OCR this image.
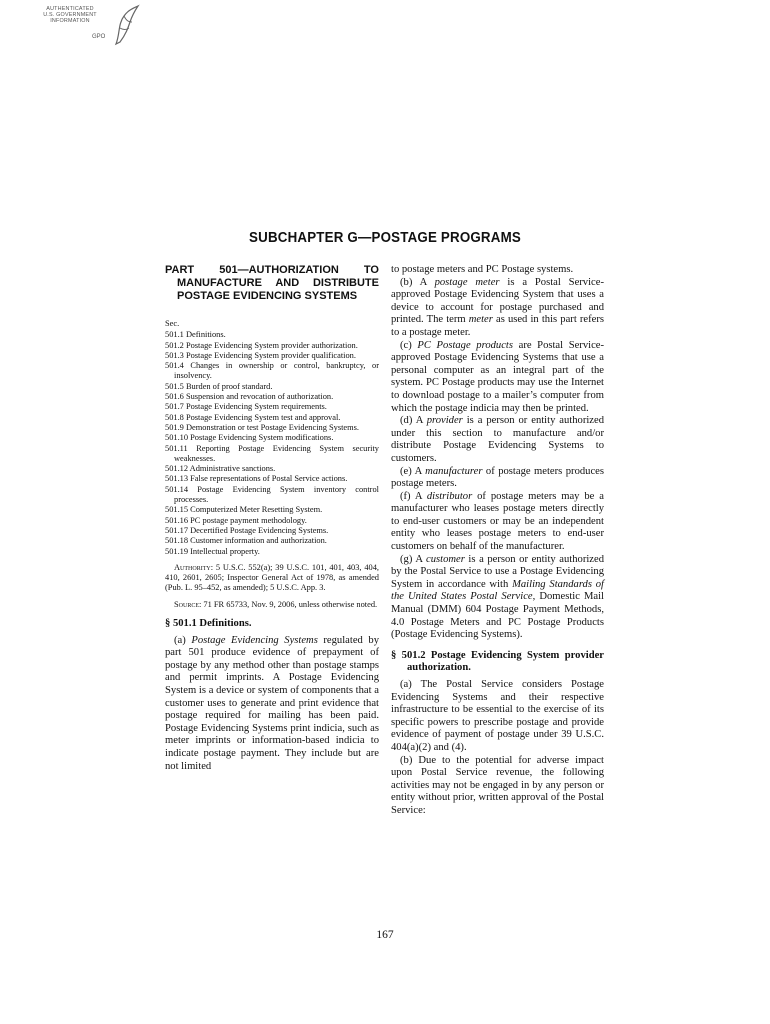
AUTHENTICATED
U.S. GOVERNMENT
INFORMATION
GPO
SUBCHAPTER G—POSTAGE PROGRAMS
PART 501—AUTHORIZATION TO MANUFACTURE AND DISTRIBUTE POSTAGE EVIDENCING SYSTEMS
Sec.
501.1 Definitions.
501.2 Postage Evidencing System provider authorization.
501.3 Postage Evidencing System provider qualification.
501.4 Changes in ownership or control, bankruptcy, or insolvency.
501.5 Burden of proof standard.
501.6 Suspension and revocation of authorization.
501.7 Postage Evidencing System requirements.
501.8 Postage Evidencing System test and approval.
501.9 Demonstration or test Postage Evidencing Systems.
501.10 Postage Evidencing System modifications.
501.11 Reporting Postage Evidencing System security weaknesses.
501.12 Administrative sanctions.
501.13 False representations of Postal Service actions.
501.14 Postage Evidencing System inventory control processes.
501.15 Computerized Meter Resetting System.
501.16 PC postage payment methodology.
501.17 Decertified Postage Evidencing Systems.
501.18 Customer information and authorization.
501.19 Intellectual property.
Authority: 5 U.S.C. 552(a); 39 U.S.C. 101, 401, 403, 404, 410, 2601, 2605; Inspector General Act of 1978, as amended (Pub. L. 95–452, as amended); 5 U.S.C. App. 3.
Source: 71 FR 65733, Nov. 9, 2006, unless otherwise noted.
§ 501.1 Definitions.

(a) Postage Evidencing Systems regulated by part 501 produce evidence of prepayment of postage by any method other than postage stamps and permit imprints. A Postage Evidencing System is a device or system of components that a customer uses to generate and print evidence that postage required for mailing has been paid. Postage Evidencing Systems print indicia, such as meter imprints or information-based indicia to indicate postage payment. They include but are not limited

to postage meters and PC Postage systems.

(b) A postage meter is a Postal Service-approved Postage Evidencing System that uses a device to account for postage purchased and printed. The term meter as used in this part refers to a postage meter.

(c) PC Postage products are Postal Service-approved Postage Evidencing Systems that use a personal computer as an integral part of the system. PC Postage products may use the Internet to download postage to a mailer’s computer from which the postage indicia may then be printed.

(d) A provider is a person or entity authorized under this section to manufacture and/or distribute Postage Evidencing Systems to customers.

(e) A manufacturer of postage meters produces postage meters.

(f) A distributor of postage meters may be a manufacturer who leases postage meters directly to end-user customers or may be an independent entity who leases postage meters to end-user customers on behalf of the manufacturer.

(g) A customer is a person or entity authorized by the Postal Service to use a Postage Evidencing System in accordance with Mailing Standards of the United States Postal Service, Domestic Mail Manual (DMM) 604 Postage Payment Methods, 4.0 Postage Meters and PC Postage Products (Postage Evidencing Systems).

§ 501.2 Postage Evidencing System provider authorization.

(a) The Postal Service considers Postage Evidencing Systems and their respective infrastructure to be essential to the exercise of its specific powers to prescribe postage and provide evidence of payment of postage under 39 U.S.C. 404(a)(2) and (4).

(b) Due to the potential for adverse impact upon Postal Service revenue, the following activities may not be engaged in by any person or entity without prior, written approval of the Postal Service:

167
